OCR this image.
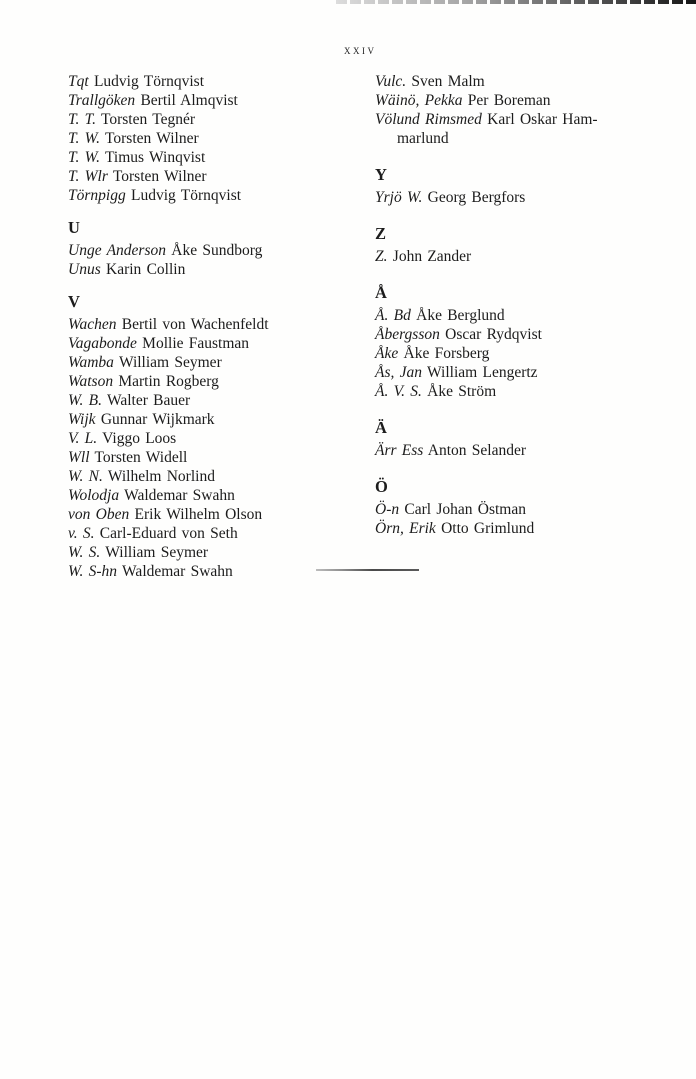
xxiv
Tqt Ludvig Törnqvist
Trallgöken Bertil Almqvist
T. T. Torsten Tegnér
T. W. Torsten Wilner
T. W. Timus Winqvist
T. Wlr Torsten Wilner
Törnpigg Ludvig Törnqvist
U
Unge Anderson Åke Sundborg
Unus Karin Collin
V
Wachen Bertil von Wachenfeldt
Vagabonde Mollie Faustman
Wamba William Seymer
Watson Martin Rogberg
W. B. Walter Bauer
Wijk Gunnar Wijkmark
V. L. Viggo Loos
Wll Torsten Widell
W. N. Wilhelm Norlind
Wolodja Waldemar Swahn
von Oben Erik Wilhelm Olson
v. S. Carl-Eduard von Seth
W. S. William Seymer
W. S-hn Waldemar Swahn
Vulc. Sven Malm
Wäinö, Pekka Per Boreman
Völund Rimsmed Karl Oskar Ham-
marlund
Y
Yrjö W. Georg Bergfors
Z
Z. John Zander
Å
Å. Bd Åke Berglund
Åbergsson Oscar Rydqvist
Åke Åke Forsberg
Ås, Jan William Lengertz
Å. V. S. Åke Ström
Ä
Ärr Ess Anton Selander
Ö
Ö-n Carl Johan Östman
Örn, Erik Otto Grimlund
